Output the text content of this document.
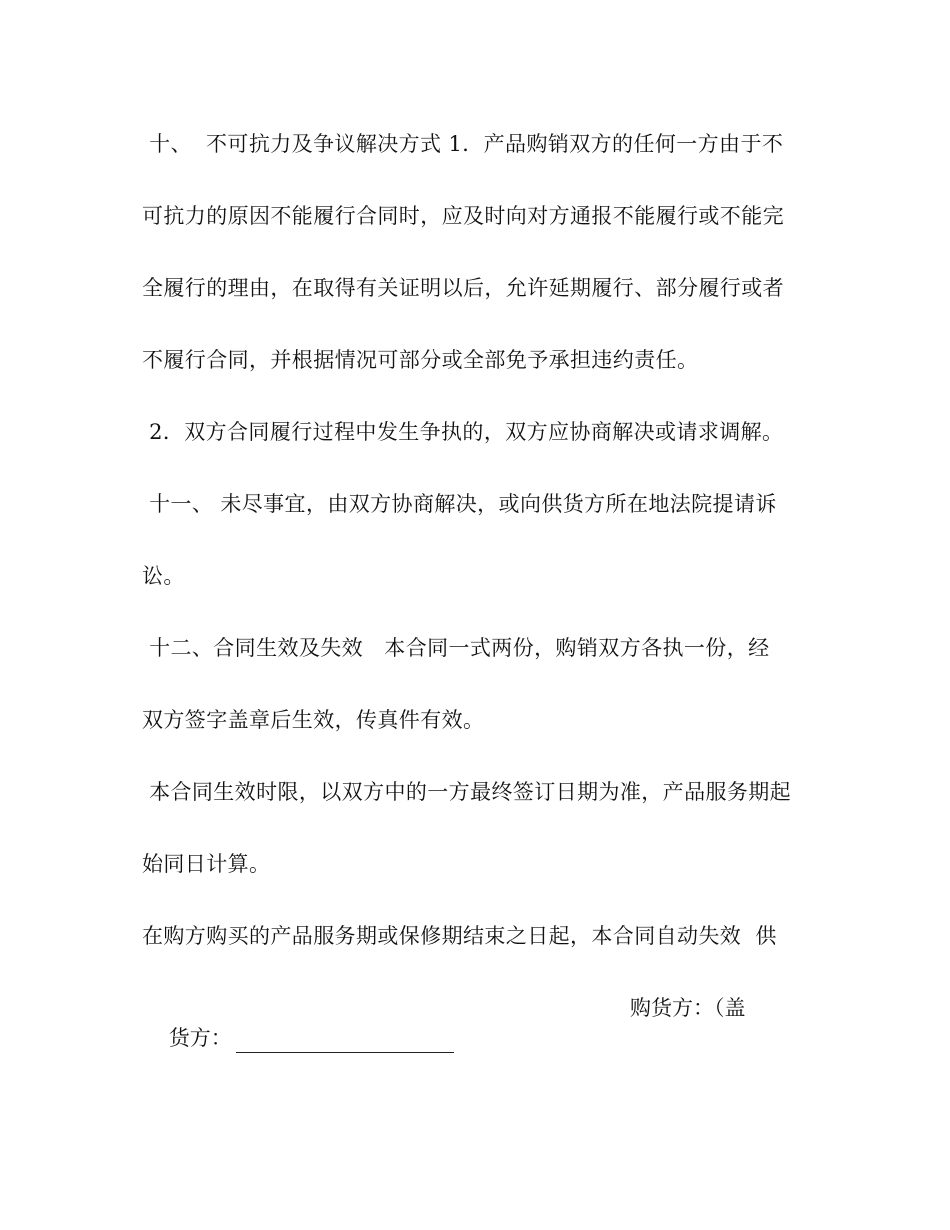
十、  不可抗力及争议解决方式 1．产品购销双方的任何一方由于不
可抗力的原因不能履行合同时，应及时向对方通报不能履行或不能完
全履行的理由，在取得有关证明以后，允许延期履行、部分履行或者
不履行合同，并根据情况可部分或全部免予承担违约责任。
2．双方合同履行过程中发生争执的，双方应协商解决或请求调解。
十一、 未尽事宜，由双方协商解决，或向供货方所在地法院提请诉
讼。
十二、合同生效及失效   本合同一式两份，购销双方各执一份，经
双方签字盖章后生效，传真件有效。
本合同生效时限，以双方中的一方最终签订日期为准，产品服务期起
始同日计算。
在购方购买的产品服务期或保修期结束之日起，本合同自动失效  供

货方：

购货方：（盖
